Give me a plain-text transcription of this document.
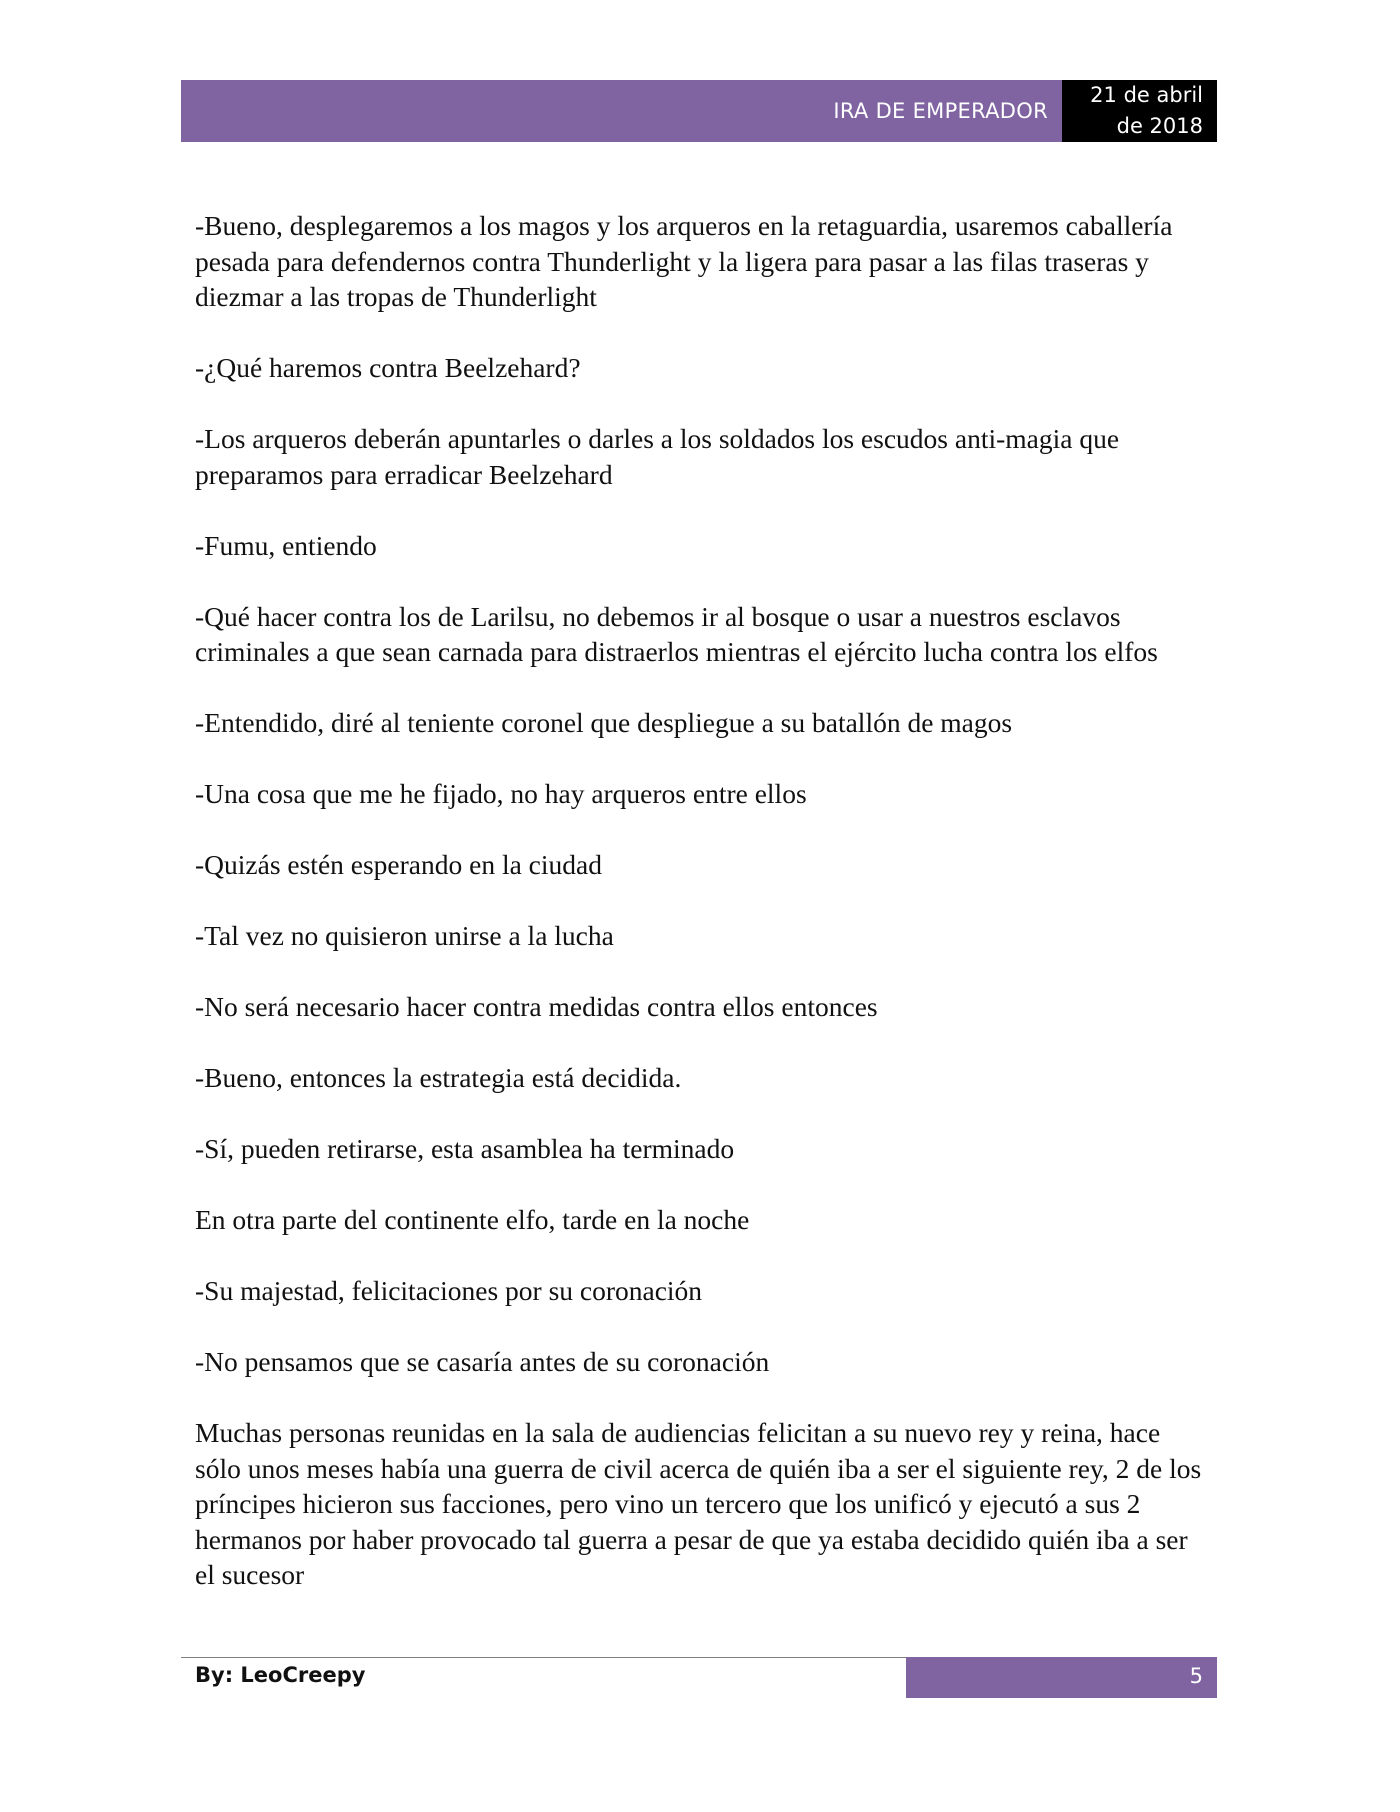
IRA DE EMPERADOR
21 de abril
de 2018

-Bueno, desplegaremos a los magos y los arqueros en la retaguardia, usaremos caballería pesada para defendernos contra Thunderlight y la ligera para pasar a las filas traseras y diezmar a las tropas de Thunderlight

-¿Qué haremos contra Beelzehard?

-Los arqueros deberán apuntarles o darles a los soldados los escudos anti-magia que preparamos para erradicar Beelzehard

-Fumu, entiendo

-Qué hacer contra los de Larilsu, no debemos ir al bosque o usar a nuestros esclavos criminales a que sean carnada para distraerlos mientras el ejército lucha contra los elfos

-Entendido, diré al teniente coronel que despliegue a su batallón de magos

-Una cosa que me he fijado, no hay arqueros entre ellos

-Quizás estén esperando en la ciudad

-Tal vez no quisieron unirse a la lucha

-No será necesario hacer contra medidas contra ellos entonces

-Bueno, entonces la estrategia está decidida.

-Sí, pueden retirarse, esta asamblea ha terminado

En otra parte del continente elfo, tarde en la noche

-Su majestad, felicitaciones por su coronación

-No pensamos que se casaría antes de su coronación

Muchas personas reunidas en la sala de audiencias felicitan a su nuevo rey y reina, hace sólo unos meses había una guerra de civil acerca de quién iba a ser el siguiente rey, 2 de los príncipes hicieron sus facciones, pero vino un tercero que los unificó y ejecutó a sus 2 hermanos por haber provocado tal guerra a pesar de que ya estaba decidido quién iba a ser el sucesor

By: LeoCreepy	5
